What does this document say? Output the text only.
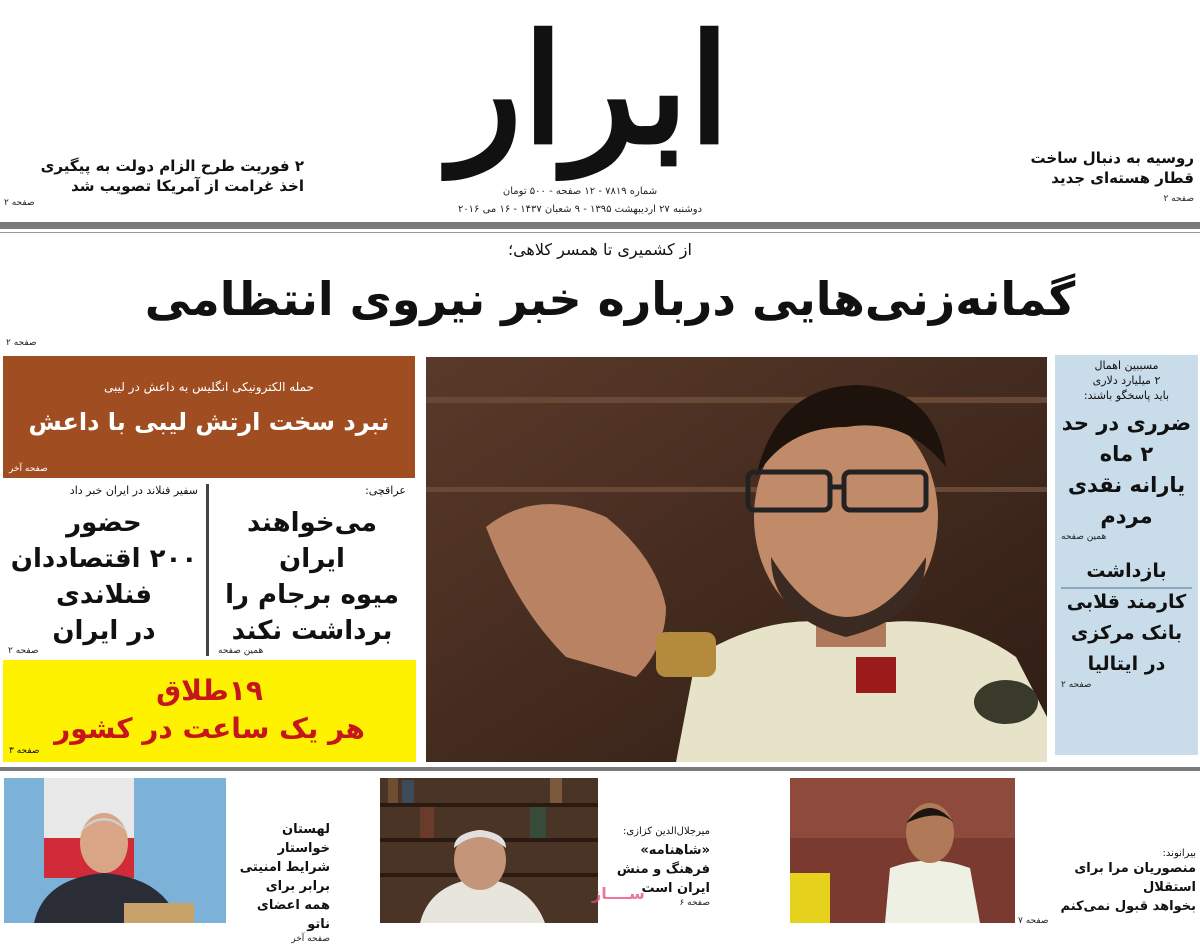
ابرار
شماره ۷۸۱۹ - ۱۲ صفحه - ۵۰۰ تومان
دوشنبه ۲۷ اردیبهشت ۱۳۹۵ - ۹ شعبان ۱۴۳۷ - ۱۶ می ۲۰۱۶
روسیه به دنبال ساخت
قطار هسته‌ای جدید
صفحه ۲
۲ فوریت طرح الزام دولت به پیگیری
اخذ غرامت از آمریکا تصویب شد
صفحه ۲
از کشمیری تا همسر کلاهی؛
گمانه‌زنی‌هایی درباره خبر نیروی انتظامی
صفحه ۲
حمله الکترونیکی انگلیس به داعش در لیبی
نبرد سخت ارتش لیبی با داعش
صفحه آخر
عراقچی:
می‌خواهند
ایران
میوه برجام را
برداشت نکند
همین صفحه
سفیر فنلاند در ایران خبر داد
حضور
۲۰۰ اقتصاددان
فنلاندی
در ایران
صفحه ۲
۱۹طلاق
هر یک ساعت در کشور
صفحه ۳
مسببین اهمال
۲ میلیارد دلاری
باید پاسخگو باشند:
ضرری در حد
۲ ماه
یارانه نقدی
مردم
همین صفحه
بازداشت
کارمند قلابی
بانک مرکزی
در ایتالیا
صفحه ۲
بیرانوند:
منصوریان مرا برای استقلال
بخواهد قبول نمی‌کنم
صفحه ۷
میرجلال‌الدین کزازی:
«شاهنامه»
فرهنگ و منش
ایران است
صفحه ۶
ســــاز
لهستان خواستار
شرایط امنیتی
برابر برای
همه اعضای ناتو
صفحه آخر
